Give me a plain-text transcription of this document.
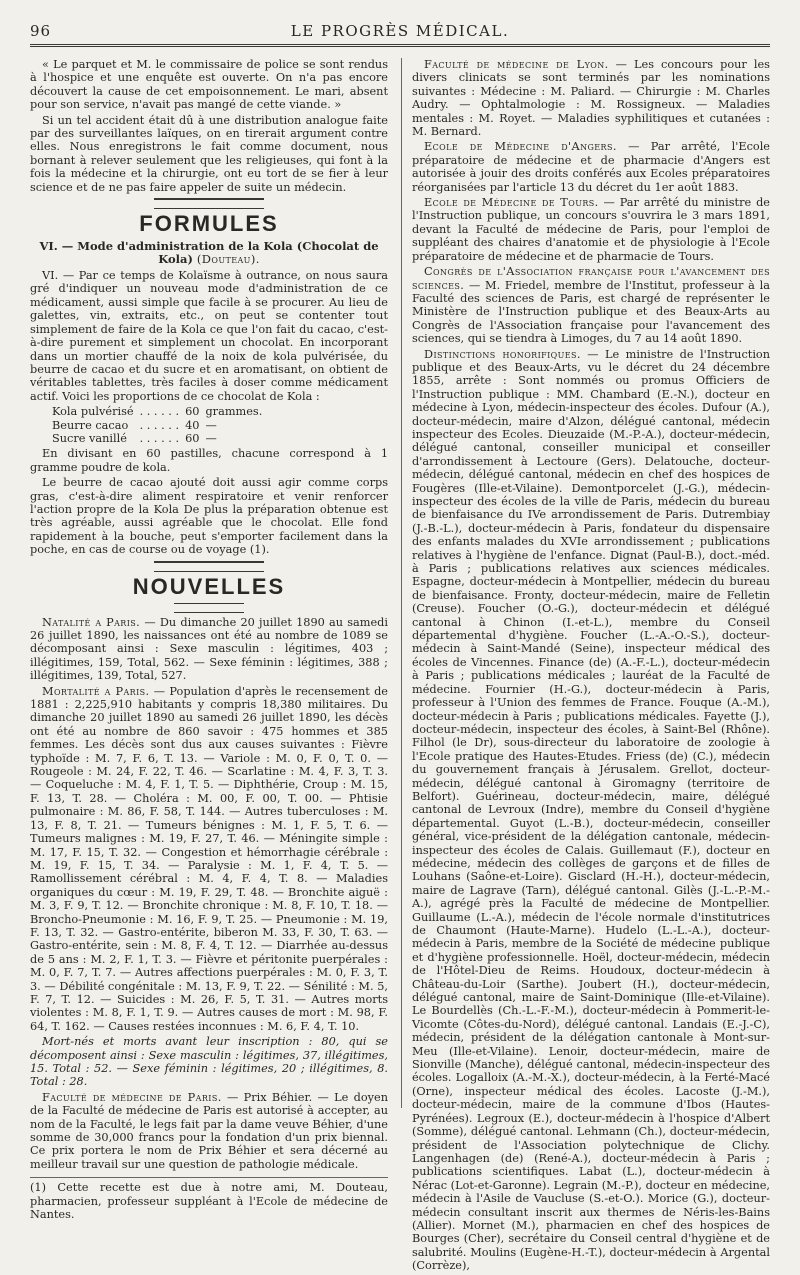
96	LE PROGRÈS MÉDICAL.

« Le parquet et M. le commissaire de police se sont rendus à l'hospice et une enquête est ouverte. On n'a pas encore découvert la cause de cet empoisonnement. Le mari, absent pour son service, n'avait pas mangé de cette viande. »

Si un tel accident était dû à une distribution analogue faite par des surveillantes laïques, on en tirerait argument contre elles. Nous enregistrons le fait comme document, nous bornant à relever seulement que les religieuses, qui font à la fois la médecine et la chirurgie, ont eu tort de se fier à leur science et de ne pas faire appeler de suite un médecin.

FORMULES
VI. — Mode d'administration de la Kola (Chocolat de Kola) (Douteau).

VI. — Par ce temps de Kolaïsme à outrance, on nous saura gré d'indiquer un nouveau mode d'administration de ce médicament, aussi simple que facile à se procurer. Au lieu de galettes, vin, extraits, etc., on peut se contenter tout simplement de faire de la Kola ce que l'on fait du cacao, c'est-à-dire purement et simplement un chocolat. En incorporant dans un mortier chauffé de la noix de kola pulvérisée, du beurre de cacao et du sucre et en aromatisant, on obtient de véritables tablettes, très faciles à doser comme médicament actif. Voici les proportions de ce chocolat de Kola :

Kola pulvérisé	. . . . . .	60	grammes.
Beurre cacao	. . . . . .	40	—
Sucre vanillé	. . . . . .	60	—

En divisant en 60 pastilles, chacune correspond à 1 gramme poudre de kola.

Le beurre de cacao ajouté doit aussi agir comme corps gras, c'est-à-dire aliment respiratoire et venir renforcer l'action propre de la Kola De plus la préparation obtenue est très agréable, aussi agréable que le chocolat. Elle fond rapidement à la bouche, peut s'emporter facilement dans la poche, en cas de course ou de voyage (1).

NOUVELLES

Natalité a Paris. — Du dimanche 20 juillet 1890 au samedi 26 juillet 1890, les naissances ont été au nombre de 1089 se décomposant ainsi : Sexe masculin : légitimes, 403 ; illégitimes, 159, Total, 562. — Sexe féminin : légitimes, 388 ; illégitimes, 139, Total, 527.

Mortalité a Paris. — Population d'après le recensement de 1881 : 2,225,910 habitants y compris 18,380 militaires. Du dimanche 20 juillet 1890 au samedi 26 juillet 1890, les décès ont été au nombre de 860 savoir : 475 hommes et 385 femmes. Les décès sont dus aux causes suivantes : Fièvre typhoïde : M. 7, F. 6, T. 13. — Variole : M. 0, F. 0, T. 0. — Rougeole : M. 24, F. 22, T. 46. — Scarlatine : M. 4, F. 3, T. 3. — Coqueluche : M. 4, F. 1, T. 5. — Diphthérie, Croup : M. 15, F. 13, T. 28. — Choléra : M. 00, F. 00, T. 00. — Phtisie pulmonaire : M. 86, F. 58, T. 144. — Autres tuberculoses : M. 13, F. 8, T. 21. — Tumeurs bénignes : M. 1, F. 5, T. 6. — Tumeurs malignes : M. 19, F. 27, T. 46. — Méningite simple : M. 17, F. 15, T. 32. — Congestion et hémorrhagie cérébrale : M. 19, F. 15, T. 34. — Paralysie : M. 1, F. 4, T. 5. — Ramollissement cérébral : M. 4, F. 4, T. 8. — Maladies organiques du cœur : M. 19, F. 29, T. 48. — Bronchite aiguë : M. 3, F. 9, T. 12. — Bronchite chronique : M. 8, F. 10, T. 18. — Broncho-Pneumonie : M. 16, F. 9, T. 25. — Pneumonie : M. 19, F. 13, T. 32. — Gastro-entérite, biberon M. 33, F. 30, T. 63. — Gastro-entérite, sein : M. 8, F. 4, T. 12. — Diarrhée au-dessus de 5 ans : M. 2, F. 1, T. 3. — Fièvre et péritonite puerpérales : M. 0, F. 7, T. 7. — Autres affections puerpérales : M. 0, F. 3, T. 3. — Débilité congénitale : M. 13, F. 9, T. 22. — Sénilité : M. 5, F. 7, T. 12. — Suicides : M. 26, F. 5, T. 31. — Autres morts violentes : M. 8, F. 1, T. 9. — Autres causes de mort : M. 98, F. 64, T. 162. — Causes restées inconnues : M. 6, F. 4, T. 10.

Mort-nés et morts avant leur inscription : 80, qui se décomposent ainsi : Sexe masculin : légitimes, 37, illégitimes, 15. Total : 52. — Sexe féminin : légitimes, 20 ; illégitimes, 8. Total : 28.

Faculté de médecine de Paris. — Prix Béhier. — Le doyen de la Faculté de médecine de Paris est autorisé à accepter, au nom de la Faculté, le legs fait par la dame veuve Béhier, d'une somme de 30,000 francs pour la fondation d'un prix biennal. Ce prix portera le nom de Prix Béhier et sera décerné au meilleur travail sur une question de pathologie médicale.

(1) Cette recette est due à notre ami, M. Douteau, pharmacien, professeur suppléant à l'Ecole de médecine de Nantes.

Faculté de médecine de Lyon. — Les concours pour les divers clinicats se sont terminés par les nominations suivantes : Médecine : M. Paliard. — Chirurgie : M. Charles Audry. — Ophtalmologie : M. Rossigneux. — Maladies mentales : M. Royet. — Maladies syphilitiques et cutanées : M. Bernard.

Ecole de Médecine d'Angers. — Par arrêté, l'Ecole préparatoire de médecine et de pharmacie d'Angers est autorisée à jouir des droits conférés aux Ecoles préparatoires réorganisées par l'article 13 du décret du 1er août 1883.

Ecole de Médecine de Tours. — Par arrêté du ministre de l'Instruction publique, un concours s'ouvrira le 3 mars 1891, devant la Faculté de médecine de Paris, pour l'emploi de suppléant des chaires d'anatomie et de physiologie à l'Ecole préparatoire de médecine et de pharmacie de Tours.

Congrès de l'Association française pour l'avancement des sciences. — M. Friedel, membre de l'Institut, professeur à la Faculté des sciences de Paris, est chargé de représenter le Ministère de l'Instruction publique et des Beaux-Arts au Congrès de l'Association française pour l'avancement des sciences, qui se tiendra à Limoges, du 7 au 14 août 1890.

Distinctions honorifiques. — Le ministre de l'Instruction publique et des Beaux-Arts, vu le décret du 24 décembre 1855, arrête : Sont nommés ou promus Officiers de l'Instruction publique : MM. Chambard (E.-N.), docteur en médecine à Lyon, médecin-inspecteur des écoles. Dufour (A.), docteur-médecin, maire d'Alzon, délégué cantonal, médecin inspecteur des Ecoles. Dieuzaide (M.-P.-A.), docteur-médecin, délégué cantonal, conseiller municipal et conseiller d'arrondissement à Lectoure (Gers). Delatouche, docteur-médecin, délégué cantonal, médecin en chef des hospices de Fougères (Ille-et-Vilaine). Demontporcelet (J.-G.), médecin-inspecteur des écoles de la ville de Paris, médecin du bureau de bienfaisance du IVe arrondissement de Paris. Dutrembiay (J.-B.-L.), docteur-médecin à Paris, fondateur du dispensaire des enfants malades du XVIe arrondissement ; publications relatives à l'hygiène de l'enfance. Dignat (Paul-B.), doct.-méd. à Paris ; publications relatives aux sciences médicales. Espagne, docteur-médecin à Montpellier, médecin du bureau de bienfaisance. Fronty, docteur-médecin, maire de Felletin (Creuse). Foucher (O.-G.), docteur-médecin et délégué cantonal à Chinon (I.-et-L.), membre du Conseil départemental d'hygiène. Foucher (L.-A.-O.-S.), docteur-médecin à Saint-Mandé (Seine), inspecteur médical des écoles de Vincennes. Finance (de) (A.-F.-L.), docteur-médecin à Paris ; publications médicales ; lauréat de la Faculté de médecine. Fournier (H.-G.), docteur-médecin à Paris, professeur à l'Union des femmes de France. Fouque (A.-M.), docteur-médecin à Paris ; publications médicales. Fayette (J.), docteur-médecin, inspecteur des écoles, à Saint-Bel (Rhône). Filhol (le Dr), sous-directeur du laboratoire de zoologie à l'Ecole pratique des Hautes-Etudes. Friess (de) (C.), médecin du gouvernement français à Jérusalem. Grellot, docteur-médecin, délégué cantonal à Giromagny (territoire de Belfort). Guérineau, docteur-médecin, maire, délégué cantonal de Levroux (Indre), membre du Conseil d'hygiène départemental. Guyot (L.-B.), docteur-médecin, conseiller général, vice-président de la délégation cantonale, médecin-inspecteur des écoles de Calais. Guillemaut (F.), docteur en médecine, médecin des collèges de garçons et de filles de Louhans (Saône-et-Loire). Gisclard (H.-H.), docteur-médecin, maire de Lagrave (Tarn), délégué cantonal. Gilès (J.-L.-P.-M.-A.), agrégé près la Faculté de médecine de Montpellier. Guillaume (L.-A.), médecin de l'école normale d'institutrices de Chaumont (Haute-Marne). Hudelo (L.-L.-A.), docteur-médecin à Paris, membre de la Société de médecine publique et d'hygiène professionnelle. Hoël, docteur-médecin, médecin de l'Hôtel-Dieu de Reims. Houdoux, docteur-médecin à Château-du-Loir (Sarthe). Joubert (H.), docteur-médecin, délégué cantonal, maire de Saint-Dominique (Ille-et-Vilaine). Le Bourdellès (Ch.-L.-F.-M.), docteur-médecin à Pommerit-le-Vicomte (Côtes-du-Nord), délégué cantonal. Landais (E.-J.-C), médecin, président de la délégation cantonale à Mont-sur-Meu (Ille-et-Vilaine). Lenoir, docteur-médecin, maire de Sionville (Manche), délégué cantonal, médecin-inspecteur des écoles. Logalloix (A.-M.-X.), docteur-médecin, à la Ferté-Macé (Orne), inspecteur médical des écoles. Lacoste (J.-M.), docteur-médecin, maire de la commune d'Ibos (Hautes-Pyrénées). Legroux (E.), docteur-médecin à l'hospice d'Albert (Somme), délégué cantonal. Lehmann (Ch.), docteur-médecin, président de l'Association polytechnique de Clichy. Langenhagen (de) (René-A.), docteur-médecin à Paris ; publications scientifiques. Labat (L.), docteur-médecin à Nérac (Lot-et-Garonne). Legrain (M.-P.), docteur en médecine, médecin à l'Asile de Vaucluse (S.-et-O.). Morice (G.), docteur-médecin consultant inscrit aux thermes de Néris-les-Bains (Allier). Mornet (M.), pharmacien en chef des hospices de Bourges (Cher), secrétaire du Conseil central d'hygiène et de salubrité. Moulins (Eugène-H.-T.), docteur-médecin à Argental (Corrèze),
